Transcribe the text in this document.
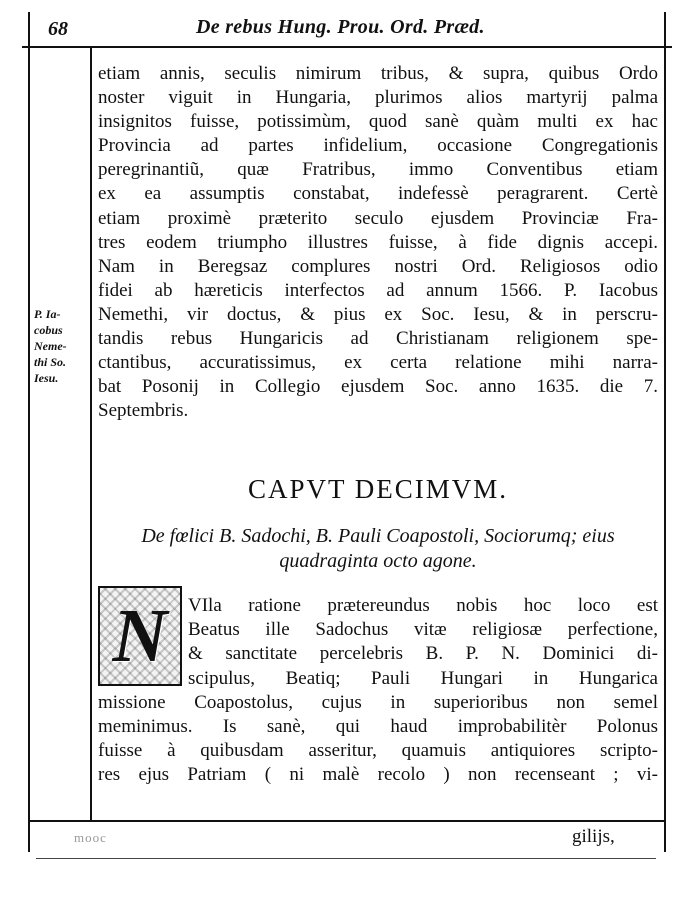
68	De rebus Hung. Prou. Ord. Præd.
etiam annis, seculis nimirum tribus, & supra, quibus Ordo
noster viguit in Hungaria, plurimos alios martyrij palma
insignitos fuisse, potissimùm, quod sanè quàm multi ex hac
Provincia ad partes infidelium, occasione Congregationis
peregrinantiũ, quæ Fratribus, immo Conventibus etiam
ex ea assumptis constabat, indefessè peragrarent. Certè
etiam proximè præterito seculo ejusdem Provinciæ Fra-
tres eodem triumpho illustres fuisse, à fide dignis accepi.
Nam in Beregsaz complures nostri Ord. Religiosos odio
fidei ab hæreticis interfectos ad annum 1566. P. Iacobus
Nemethi, vir doctus, & pius ex Soc. Iesu, & in perscru-
tandis rebus Hungaricis ad Christianam religionem spe-
ctantibus, accuratissimus, ex certa relatione mihi narra-
bat Posonij in Collegio ejusdem Soc. anno 1635. die 7.
Septembris.
P. Ia-
cobus
Neme-
thi So.
Iesu.
CAPVT DECIMVM.
De fœlici B. Sadochi, B. Pauli Coapostoli, Sociorumq; eius
quadraginta octo agone.
N VIla ratione prætereundus nobis hoc loco est
Beatus ille Sadochus vitæ religiosæ perfectione,
& sanctitate percelebris B. P. N. Dominici di-
scipulus, Beatiq; Pauli Hungari in Hungarica
missione Coapostolus, cujus in superioribus non semel
meminimus. Is sanè, qui haud improbabilitèr Polonus
fuisse à quibusdam asseritur, quamuis antiquiores scripto-
res ejus Patriam ( ni malè recolo ) non recenseant ; vi-
mooc	gilijs,
